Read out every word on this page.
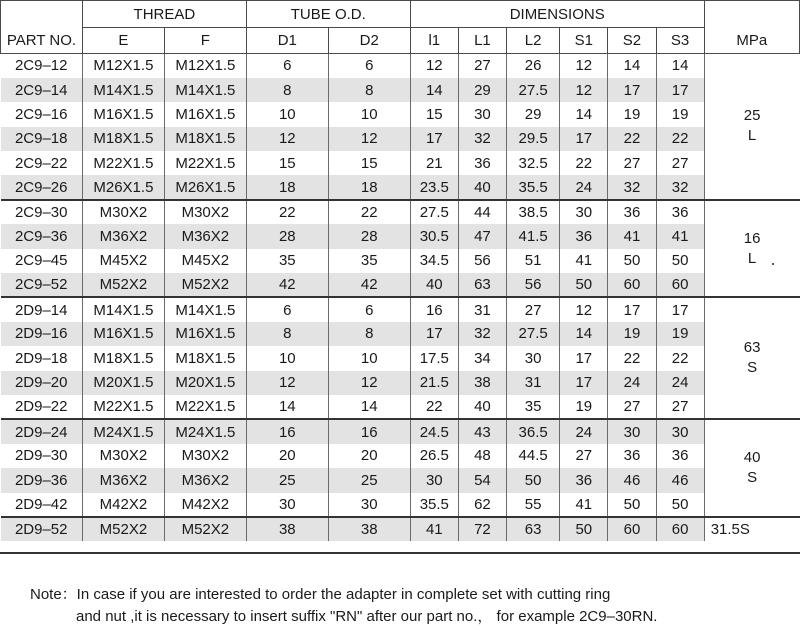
PART NO.	THREAD		TUBE O.D.		DIMENSIONS						MPa
	E	F	D1	D2	l1	L1	L2	S1	S2	S3	
2C9–12	M12X1.5	M12X1.5	6	6	12	27	26	12	14	14	25
L
2C9–14	M14X1.5	M14X1.5	8	8	14	29	27.5	12	17	17	
2C9–16	M16X1.5	M16X1.5	10	10	15	30	29	14	19	19	
2C9–18	M18X1.5	M18X1.5	12	12	17	32	29.5	17	22	22	
2C9–22	M22X1.5	M22X1.5	15	15	21	36	32.5	22	27	27	
2C9–26	M26X1.5	M26X1.5	18	18	23.5	40	35.5	24	32	32	
2C9–30	M30X2	M30X2	22	22	27.5	44	38.5	30	36	36	16
L
2C9–36	M36X2	M36X2	28	28	30.5	47	41.5	36	41	41	
2C9–45	M45X2	M45X2	35	35	34.5	56	51	41	50	50	
2C9–52	M52X2	M52X2	42	42	40	63	56	50	60	60	
2D9–14	M14X1.5	M14X1.5	6	6	16	31	27	12	17	17	63
S
2D9–16	M16X1.5	M16X1.5	8	8	17	32	27.5	14	19	19	
2D9–18	M18X1.5	M18X1.5	10	10	17.5	34	30	17	22	22	
2D9–20	M20X1.5	M20X1.5	12	12	21.5	38	31	17	24	24	
2D9–22	M22X1.5	M22X1.5	14	14	22	40	35	19	27	27	
2D9–24	M24X1.5	M24X1.5	16	16	24.5	43	36.5	24	30	30	40
S
2D9–30	M30X2	M30X2	20	20	26.5	48	44.5	27	36	36	
2D9–36	M36X2	M36X2	25	25	30	54	50	36	46	46	
2D9–42	M42X2	M42X2	30	30	35.5	62	55	41	50	50	
2D9–52	M52X2	M52X2	38	38	41	72	63	50	60	60	31.5S
Note：In case if you are interested to order the adapter in complete set with cutting ring
and nut ,it is necessary to insert suffix "RN" after our part no.， for example 2C9–30RN.
